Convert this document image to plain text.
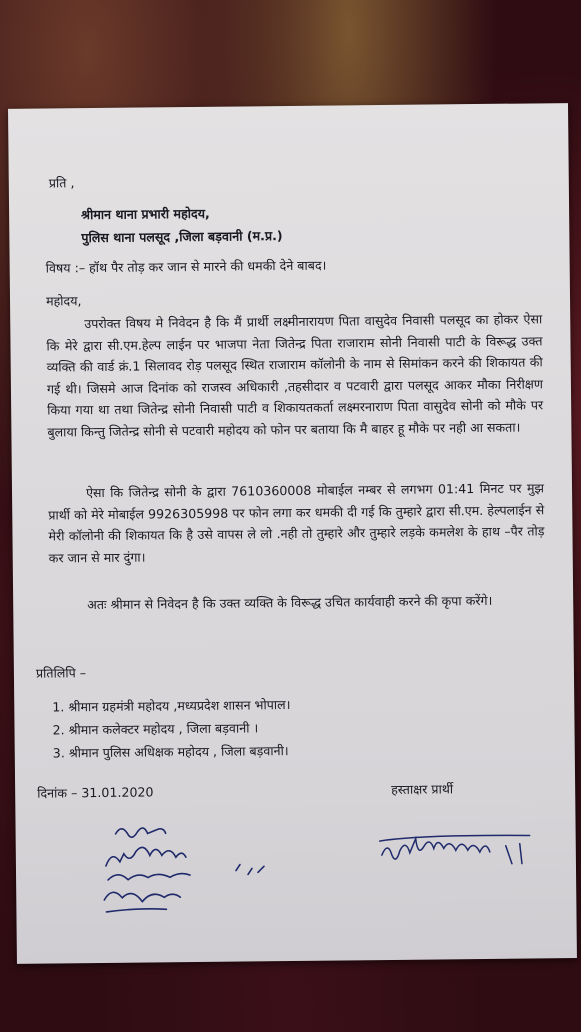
प्रति ,
श्रीमान थाना प्रभारी महोदय,
पुलिस थाना पलसूद ,जिला बड़वानी (म.प्र.)
विषय :– हॉथ पैर तोड़ कर जान से मारने की धमकी देने बाबद।
महोदय,
उपरोक्त विषय मे निवेदन है कि मैं प्रार्थी लक्ष्मीनारायण पिता वासुदेव निवासी पलसूद का होकर ऐसा कि मेरे द्वारा सी.एम.हेल्प लाईन पर भाजपा नेता जितेन्द्र पिता राजाराम सोनी निवासी पाटी के विरूद्ध उक्त व्यक्ति की वार्ड क्रं.1 सिलावद रोड़ पलसूद स्थित राजाराम कॉलोनी के नाम से सिमांकन करने की शिकायत की गई थी। जिसमे आज दिनांक को राजस्व अधिकारी ,तहसीदार व पटवारी द्वारा पलसूद आकर मौका निरीक्षण किया गया था तथा जितेन्द्र सोनी निवासी पाटी व शिकायतकर्ता लक्ष्मरनाराण पिता वासुदेव सोनी को मौके पर बुलाया किन्तु जितेन्द्र सोनी से पटवारी महोदय को फोन पर बताया कि मै बाहर हू मौके पर नही आ सकता।
ऐसा कि जितेन्द्र सोनी के द्वारा 7610360008 मोबाईल नम्बर से लगभग 01:41 मिनट पर मुझ प्रार्थी को मेरे मोबाईल 9926305998 पर फोन लगा कर धमकी दी गई कि तुम्हारे द्वारा सी.एम. हेल्पलाईन से मेरी कॉलोनी की शिकायत कि है उसे वापस ले लो .नही तो तुम्हारे और तुम्हारे लड़के कमलेश के हाथ –पैर तोड़ कर जान से मार दुंगा।
अतः श्रीमान से निवेदन है कि उक्त व्यक्ति के विरूद्ध उचित कार्यवाही करने की कृपा करेंगे।
प्रतिलिपि –
1. श्रीमान ग्रहमंत्री महोदय ,मध्यप्रदेश शासन भोपाल।
2. श्रीमान कलेक्टर महोदय , जिला बड़वानी ।
3. श्रीमान पुलिस अधिक्षक महोदय , जिला बड़वानी।
दिनांक – 31.01.2020	हस्ताक्षर प्रार्थी
